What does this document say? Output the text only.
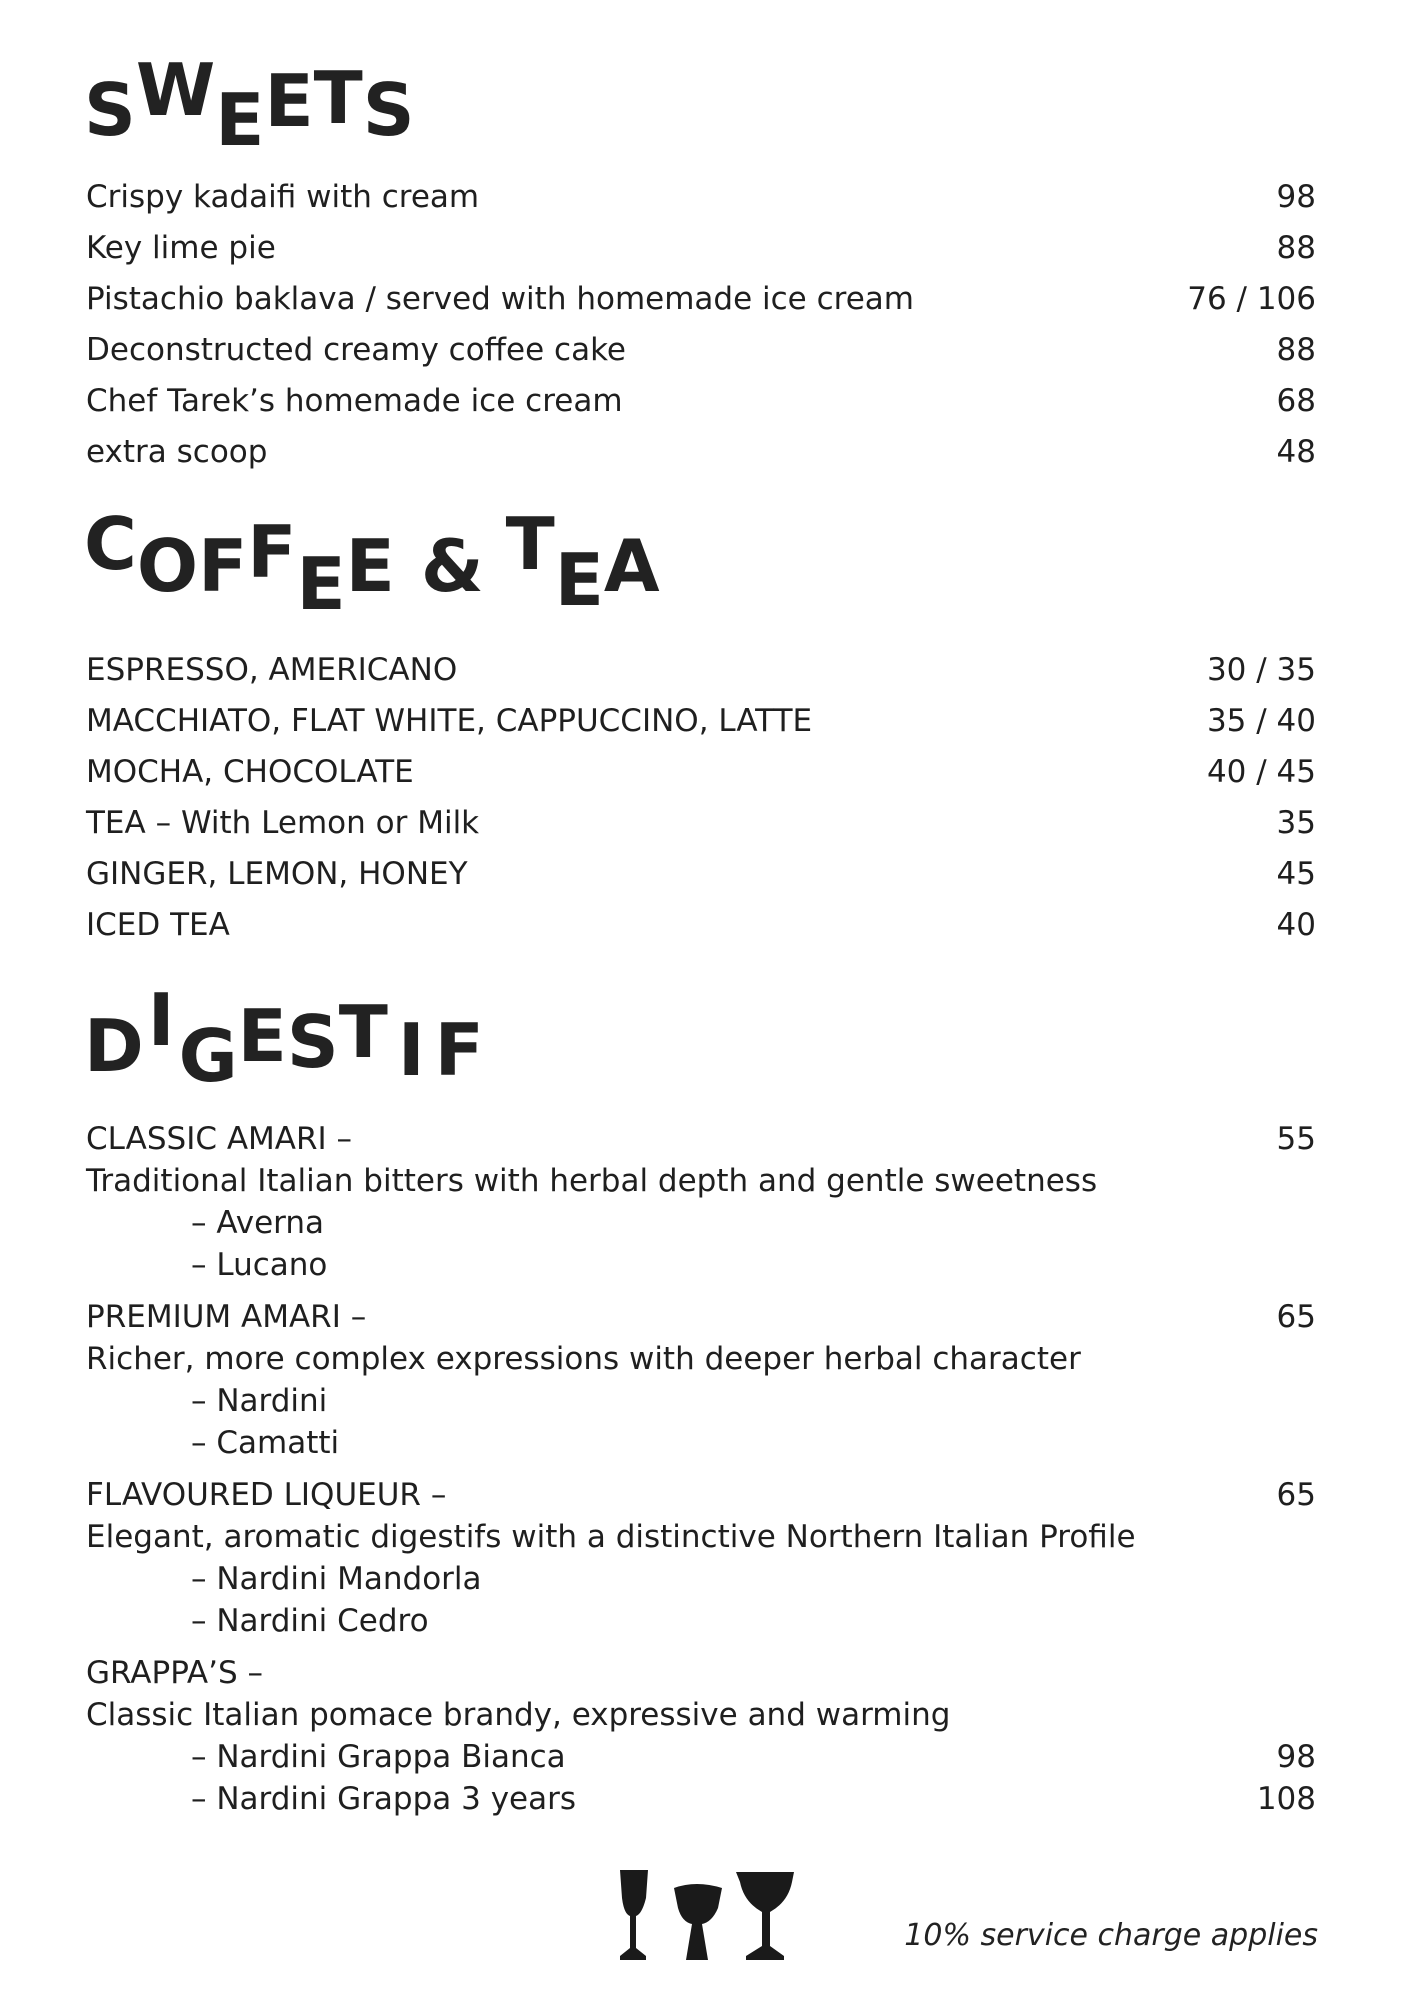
SWEETS
Crispy kadaifi with cream	98
Key lime pie	88
Pistachio baklava / served with homemade ice cream	76 / 106
Deconstructed creamy coffee cake	88
Chef Tarek’s homemade ice cream	68
extra scoop	48
COFFEE & TEA
ESPRESSO, AMERICANO	30 / 35
MACCHIATO, FLAT WHITE, CAPPUCCINO, LATTE	35 / 40
MOCHA, CHOCOLATE	40 / 45
TEA – With Lemon or Milk	35
GINGER, LEMON, HONEY	45
ICED TEA	40
DIGEST I F
CLASSIC AMARI –	55
Traditional Italian bitters with herbal depth and gentle sweetness
– Averna
– Lucano
PREMIUM AMARI –	65
Richer, more complex expressions with deeper herbal character
– Nardini
– Camatti
FLAVOURED LIQUEUR –	65
Elegant, aromatic digestifs with a distinctive Northern Italian Profile
– Nardini Mandorla
– Nardini Cedro
GRAPPA’S –
Classic Italian pomace brandy, expressive and warming
– Nardini Grappa Bianca	98
– Nardini Grappa 3 years	108
10% service charge applies
